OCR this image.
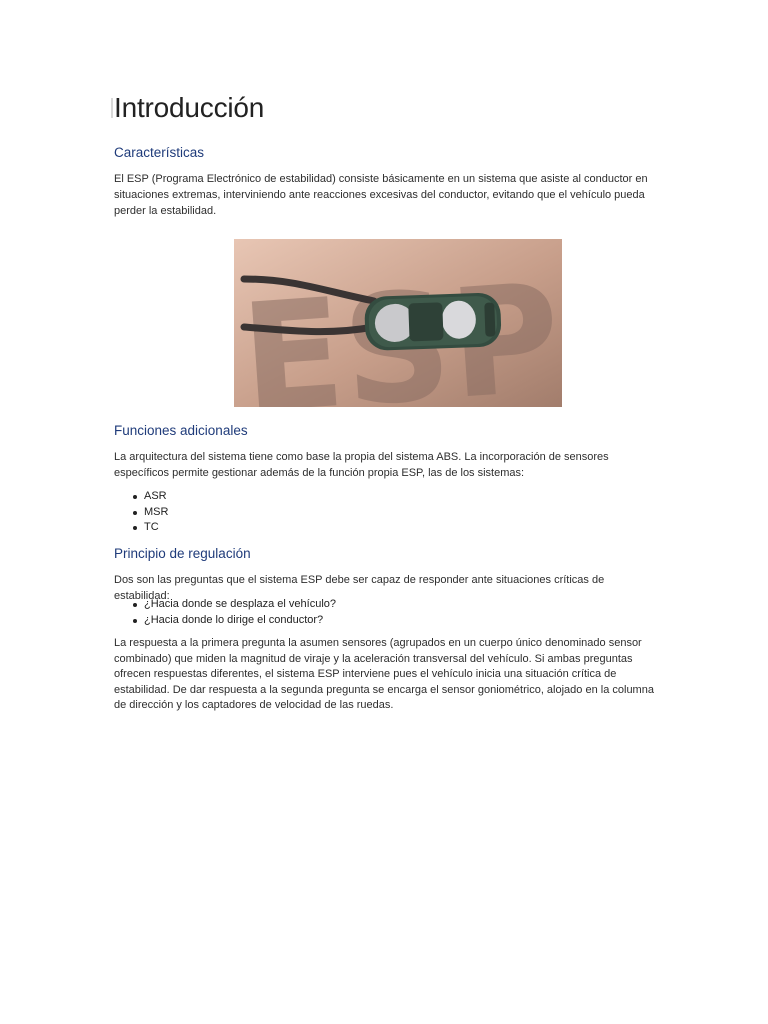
Introducción
Características

El ESP (Programa Electrónico de estabilidad) consiste básicamente en un sistema que asiste al conductor en situaciones extremas, interviniendo ante reacciones excesivas del conductor, evitando que el vehículo pueda perder la estabilidad.

Funciones adicionales

La arquitectura del sistema tiene como base la propia del sistema ABS. La incorporación de sensores específicos permite gestionar además de la función propia ESP, las de los sistemas:

ASR
MSR
TC
Principio de regulación

Dos son las preguntas que el sistema ESP debe ser capaz de responder ante situaciones críticas de estabilidad:

¿Hacia donde se desplaza el vehículo?
¿Hacia donde lo dirige el conductor?

La respuesta a la primera pregunta la asumen sensores (agrupados en un cuerpo único denominado sensor combinado) que miden la magnitud de viraje y la aceleración transversal del vehículo. Si ambas preguntas ofrecen respuestas diferentes, el sistema ESP interviene pues el vehículo inicia una situación crítica de estabilidad. De dar respuesta a la segunda pregunta se encarga el sensor goniométrico, alojado en la columna de dirección y los captadores de velocidad de las ruedas.
